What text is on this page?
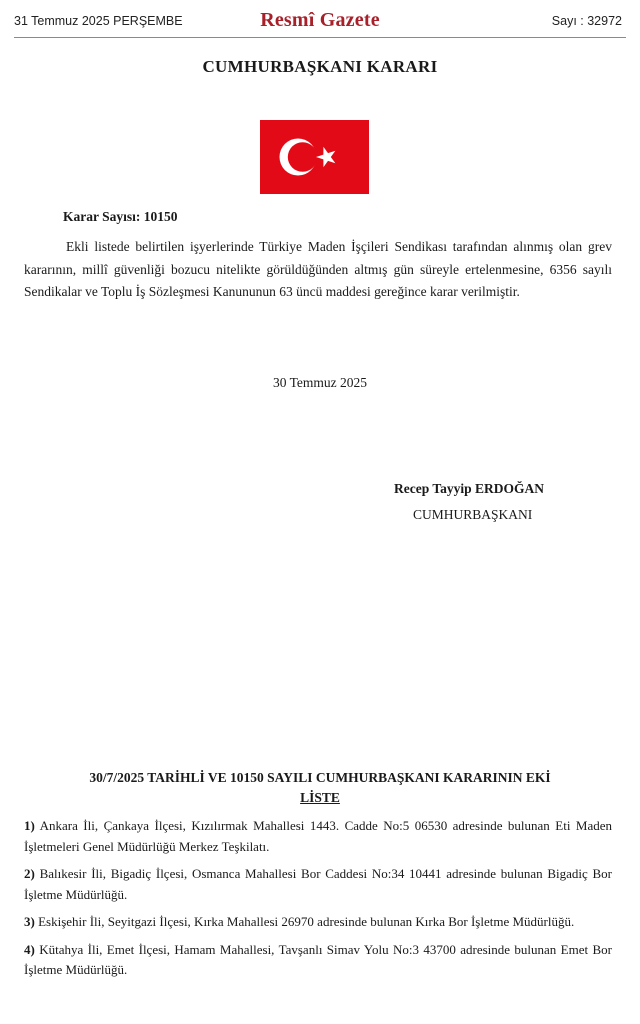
31 Temmuz 2025 PERŞEMBE	Resmî Gazete	Sayı : 32972
CUMHURBAŞKANI KARARI
Karar Sayısı: 10150
Ekli listede belirtilen işyerlerinde Türkiye Maden İşçileri Sendikası tarafından alınmış olan grev kararının, millî güvenliği bozucu nitelikte görüldüğünden altmış gün süreyle ertelenmesine, 6356 sayılı Sendikalar ve Toplu İş Sözleşmesi Kanununun 63 üncü maddesi gereğince karar verilmiştir.
30 Temmuz 2025
Recep Tayyip ERDOĞAN
CUMHURBAŞKANI
30/7/2025 TARİHLİ VE 10150 SAYILI CUMHURBAŞKANI KARARININ EKİ
LİSTE
1) Ankara İli, Çankaya İlçesi, Kızılırmak Mahallesi 1443. Cadde No:5 06530 adresinde bulunan Eti Maden İşletmeleri Genel Müdürlüğü Merkez Teşkilatı.
2) Balıkesir İli, Bigadiç İlçesi, Osmanca Mahallesi Bor Caddesi No:34 10441 adresinde bulunan Bigadiç Bor İşletme Müdürlüğü.
3) Eskişehir İli, Seyitgazi İlçesi, Kırka Mahallesi 26970 adresinde bulunan Kırka Bor İşletme Müdürlüğü.
4) Kütahya İli, Emet İlçesi, Hamam Mahallesi, Tavşanlı Simav Yolu No:3 43700 adresinde bulunan Emet Bor İşletme Müdürlüğü.
